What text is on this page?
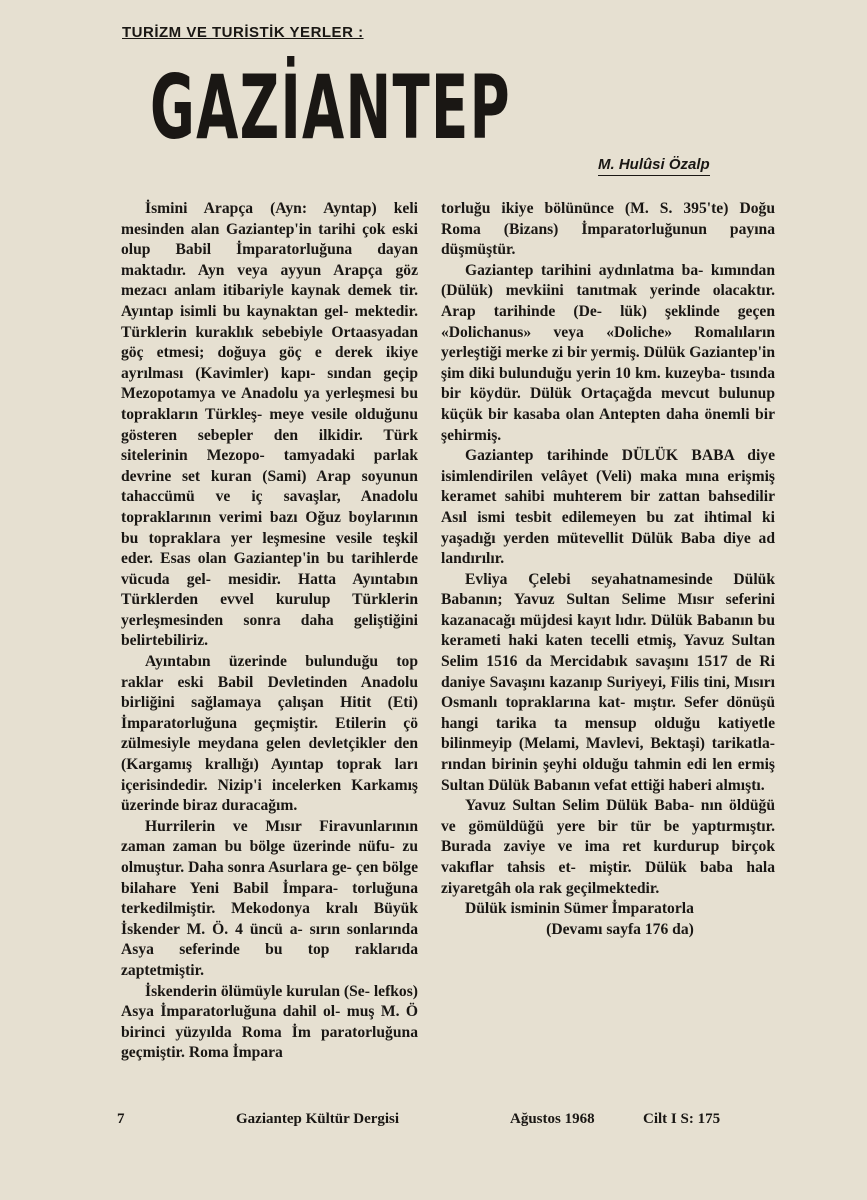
TURİZM VE TURİSTİK YERLER :
G A Z İ A N T E P
M. Hulûsi Özalp

İsmini Arapça (Ayn: Ayntap) keli mesinden alan Gaziantep'in tarihi çok eski olup Babil İmparatorluğuna dayan maktadır. Ayn veya ayyun Arapça göz mezacı anlam itibariyle kaynak demek tir. Ayıntap isimli bu kaynaktan gel- mektedir. Türklerin kuraklık sebebiyle Ortaasyadan göç etmesi; doğuya göç e derek ikiye ayrılması (Kavimler) kapı- sından geçip Mezopotamya ve Anadolu ya yerleşmesi bu toprakların Türkleş- meye vesile olduğunu gösteren sebepler den ilkidir. Türk sitelerinin Mezopo- tamyadaki parlak devrine set kuran (Sami) Arap soyunun tahaccümü ve iç savaşlar, Anadolu topraklarının verimi bazı Oğuz boylarının bu topraklara yer leşmesine vesile teşkil eder. Esas olan Gaziantep'in bu tarihlerde vücuda gel- mesidir. Hatta Ayıntabın Türklerden evvel kurulup Türklerin yerleşmesinden sonra daha geliştiğini belirtebiliriz.

Ayıntabın üzerinde bulunduğu top raklar eski Babil Devletinden Anadolu birliğini sağlamaya çalışan Hitit (Eti) İmparatorluğuna geçmiştir. Etilerin çö zülmesiyle meydana gelen devletçikler den (Kargamış krallığı) Ayıntap toprak ları içerisindedir. Nizip'i incelerken Karkamış üzerinde biraz duracağım.

Hurrilerin ve Mısır Firavunlarının zaman zaman bu bölge üzerinde nüfu- zu olmuştur. Daha sonra Asurlara ge- çen bölge bilahare Yeni Babil İmpara- torluğuna terkedilmiştir. Mekodonya kralı Büyük İskender M. Ö. 4 üncü a- sırın sonlarında Asya seferinde bu top raklarıda zaptetmiştir.

İskenderin ölümüyle kurulan (Se- lefkos) Asya İmparatorluğuna dahil ol- muş M. Ö birinci yüzyılda Roma İm paratorluğuna geçmiştir. Roma İmpara

torluğu ikiye bölününce (M. S. 395'te) Doğu Roma (Bizans) İmparatorluğunun payına düşmüştür.

Gaziantep tarihini aydınlatma ba- kımından (Dülük) mevkiini tanıtmak yerinde olacaktır. Arap tarihinde (De- lük) şeklinde geçen «Dolichanus» veya «Doliche» Romalıların yerleştiği merke zi bir yermiş. Dülük Gaziantep'in şim diki bulunduğu yerin 10 km. kuzeyba- tısında bir köydür. Dülük Ortaçağda mevcut bulunup küçük bir kasaba olan Antepten daha önemli bir şehirmiş.

Gaziantep tarihinde DÜLÜK BABA diye isimlendirilen velâyet (Veli) maka mına erişmiş keramet sahibi muhterem bir zattan bahsedilir Asıl ismi tesbit edilemeyen bu zat ihtimal ki yaşadığı yerden mütevellit Dülük Baba diye ad landırılır.

Evliya Çelebi seyahatnamesinde Dülük Babanın; Yavuz Sultan Selime Mısır seferini kazanacağı müjdesi kayıt lıdır. Dülük Babanın bu kerameti haki katen tecelli etmiş, Yavuz Sultan Selim 1516 da Mercidabık savaşını 1517 de Ri daniye Savaşını kazanıp Suriyeyi, Filis tini, Mısırı Osmanlı topraklarına kat- mıştır. Sefer dönüşü hangi tarika ta mensup olduğu katiyetle bilinmeyip (Melami, Mavlevi, Bektaşi) tarikatla- rından birinin şeyhi olduğu tahmin edi len ermiş Sultan Dülük Babanın vefat ettiği haberi almıştı.

Yavuz Sultan Selim Dülük Baba- nın öldüğü ve gömüldüğü yere bir tür be yaptırmıştır. Burada zaviye ve ima ret kurdurup birçok vakıflar tahsis et- miştir. Dülük baba hala ziyaretgâh ola rak geçilmektedir.

Dülük isminin Sümer İmparatorla

(Devamı sayfa 176 da)

7	Gaziantep Kültür Dergisi	Ağustos 1968	Cilt I S: 175
